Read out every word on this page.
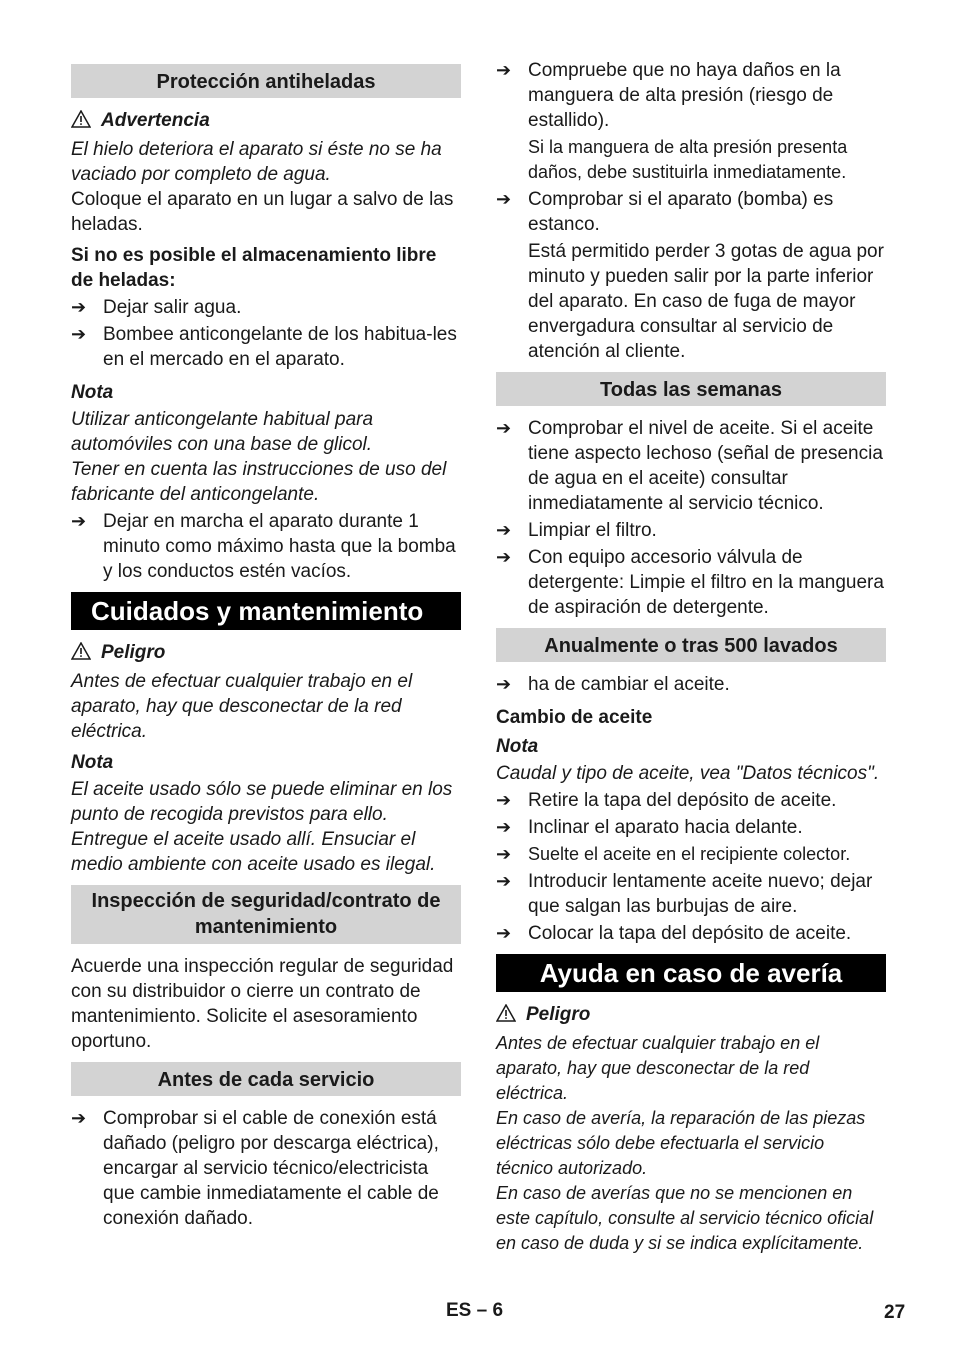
Protección antiheladas
Advertencia

El hielo deteriora el aparato si éste no se ha vaciado por completo de agua.

Coloque el aparato en un lugar a salvo de las heladas.

Si no es posible el almacenamiento libre de heladas:

➔ Dejar salir agua.
➔ Bombee anticongelante de los habitua-les en el mercado en el aparato.
Nota

Utilizar anticongelante habitual para automóviles con una base de glicol.

Tener en cuenta las instrucciones de uso del fabricante del anticongelante.

➔ Dejar en marcha el aparato durante 1 minuto como máximo hasta que la bomba y los conductos estén vacíos.
Cuidados y mantenimiento
Peligro

Antes de efectuar cualquier trabajo en el aparato, hay que desconectar de la red eléctrica.

Nota

El aceite usado sólo se puede eliminar en los punto de recogida previstos para ello. Entregue el aceite usado allí. Ensuciar el medio ambiente con aceite usado es ilegal.

Inspección de seguridad/contrato de mantenimiento

Acuerde una inspección regular de seguridad con su distribuidor o cierre un contrato de mantenimiento. Solicite el asesoramiento oportuno.

Antes de cada servicio
➔ Comprobar si el cable de conexión está dañado (peligro por descarga eléctrica), encargar al servicio técnico/electricista que cambie inmediatamente el cable de conexión dañado.
➔ Compruebe que no haya daños en la manguera de alta presión (riesgo de estallido).

Si la manguera de alta presión presenta daños, debe sustituirla inmediatamente.

➔ Comprobar si el aparato (bomba) es estanco.

Está permitido perder 3 gotas de agua por minuto y pueden salir por la parte inferior del aparato. En caso de fuga de mayor envergadura consultar al servicio de atención al cliente.

Todas las semanas
➔ Comprobar el nivel de aceite. Si el aceite tiene aspecto lechoso (señal de presencia de agua en el aceite) consultar inmediatamente al servicio técnico.
➔ Limpiar el filtro.
➔ Con equipo accesorio válvula de detergente: Limpie el filtro en la manguera de aspiración de detergente.
Anualmente o tras 500 lavados
➔ ha de cambiar el aceite.

Cambio de aceite

Nota

Caudal y tipo de aceite, vea "Datos técnicos".

➔ Retire la tapa del depósito de aceite.
➔ Inclinar el aparato hacia delante.
➔ Suelte el aceite en el recipiente colector.
➔ Introducir lentamente aceite nuevo; dejar que salgan las burbujas de aire.
➔ Colocar la tapa del depósito de aceite.
Ayuda en caso de avería
Peligro

Antes de efectuar cualquier trabajo en el aparato, hay que desconectar de la red eléctrica.

En caso de avería, la reparación de las piezas eléctricas sólo debe efectuarla el servicio técnico autorizado.

En caso de averías que no se mencionen en este capítulo, consulte al servicio técnico oficial en caso de duda y si se indica explícitamente.

ES – 6	27
